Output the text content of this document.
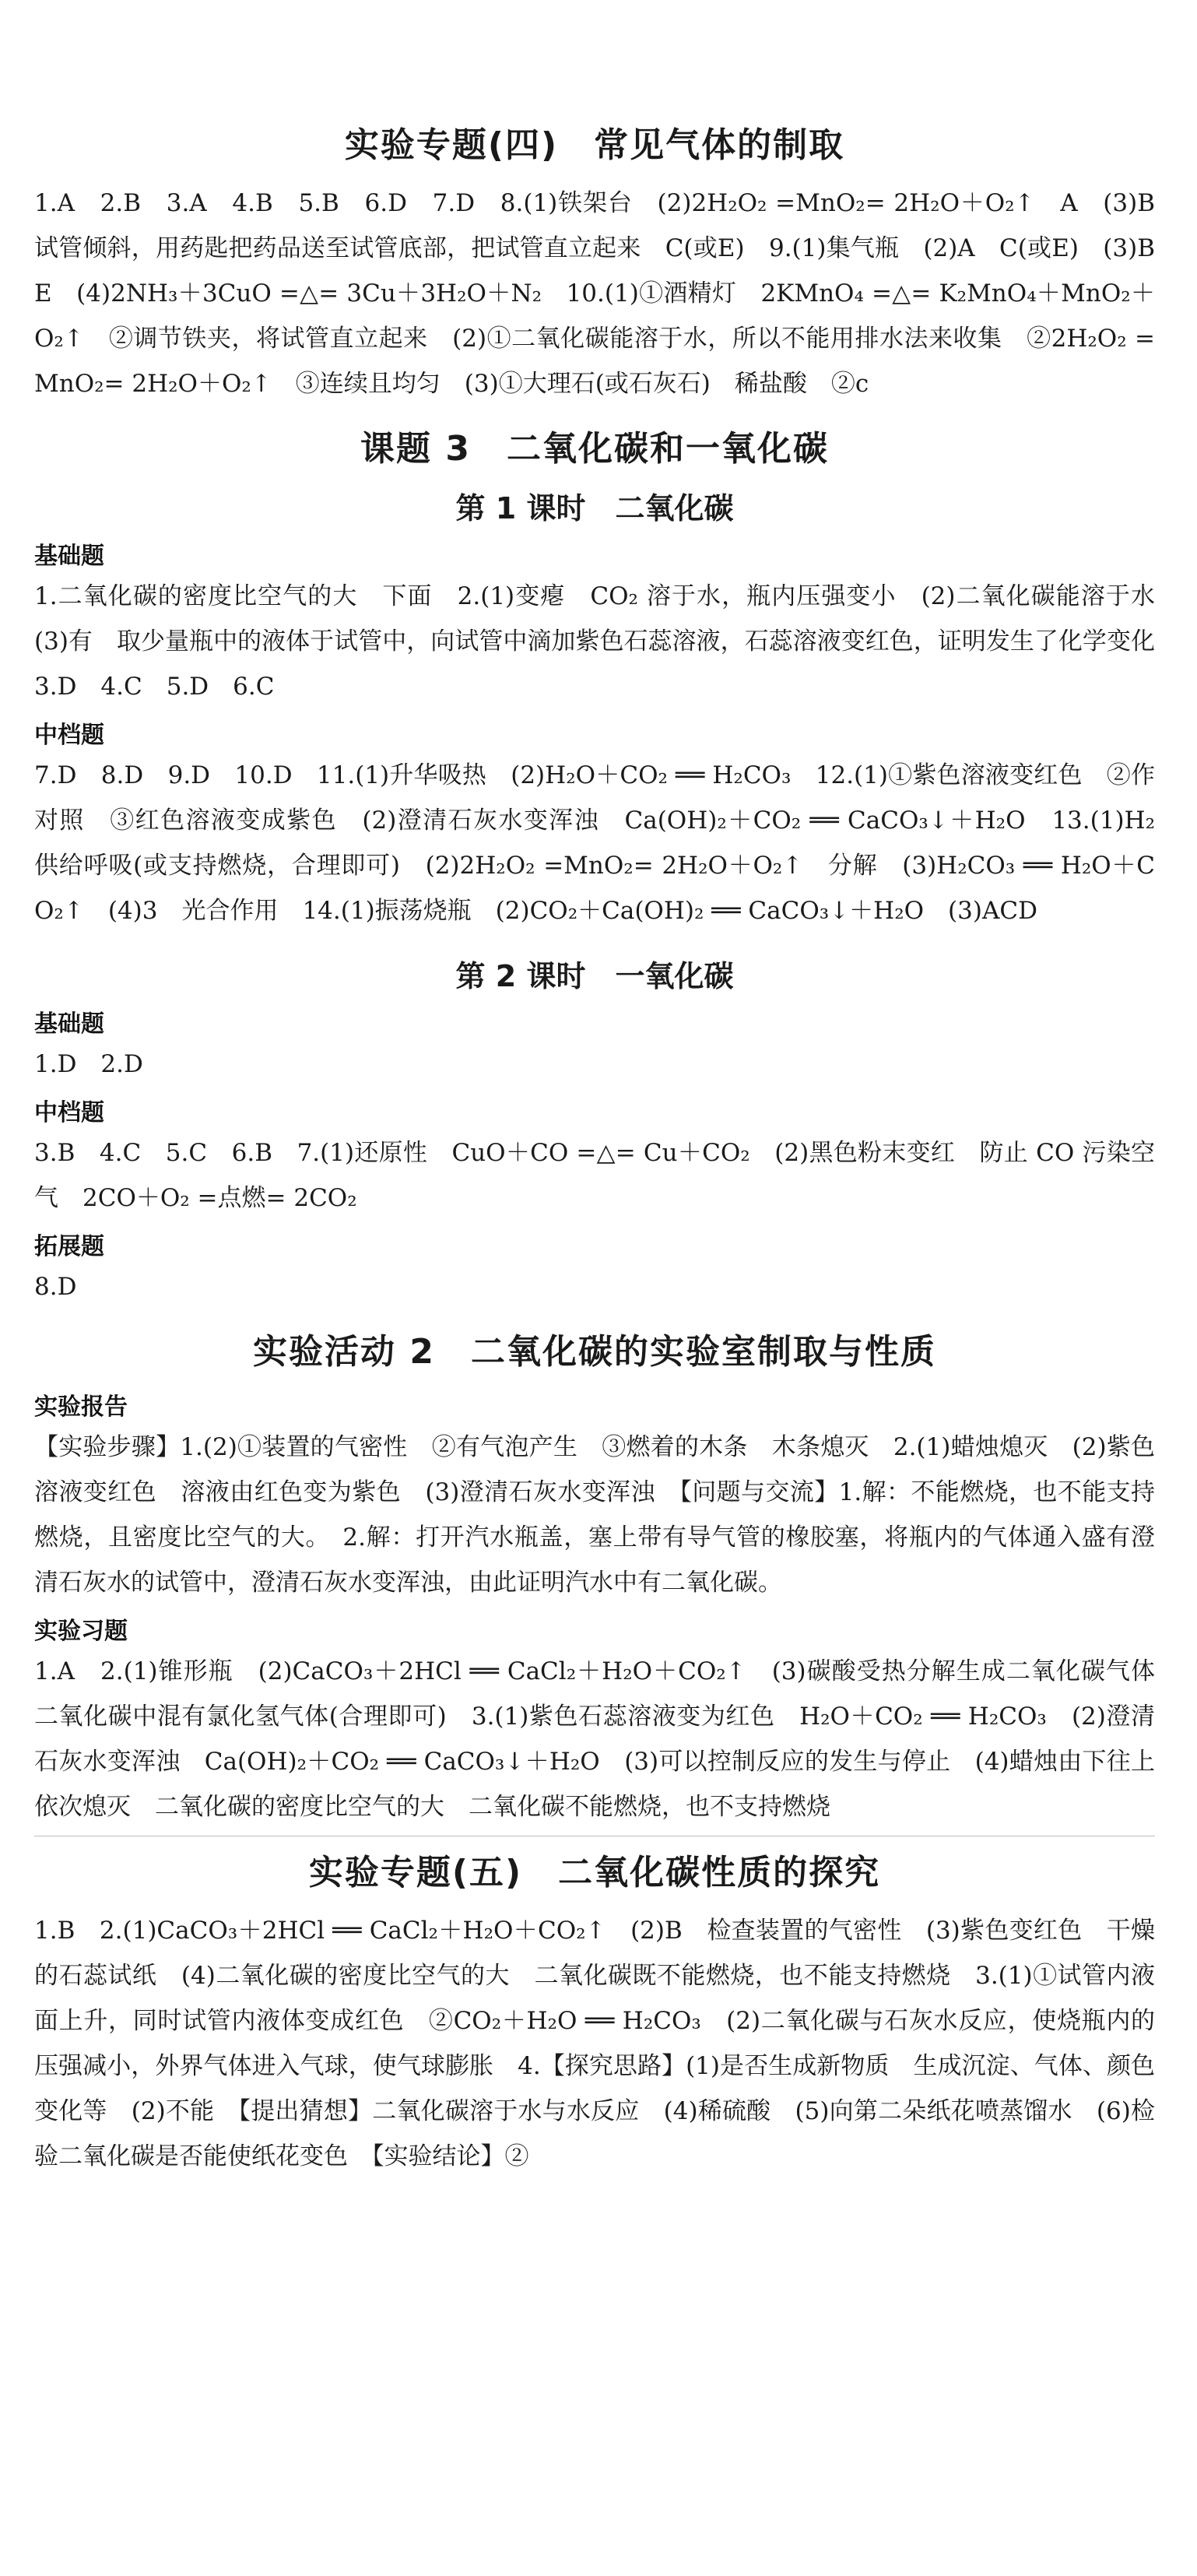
实验专题(四)　常见气体的制取

1.A　2.B　3.A　4.B　5.B　6.D　7.D　8.(1)铁架台　(2)2H₂O₂ =MnO₂= 2H₂O＋O₂↑　A　(3)B　试管倾斜，用药匙把药品送至试管底部，把试管直立起来　C(或E)　9.(1)集气瓶　(2)A　C(或E)　(3)B　E　(4)2NH₃＋3CuO =△= 3Cu＋3H₂O＋N₂　10.(1)①酒精灯　2KMnO₄ =△= K₂MnO₄＋MnO₂＋O₂↑　②调节铁夹，将试管直立起来　(2)①二氧化碳能溶于水，所以不能用排水法来收集　②2H₂O₂ =MnO₂= 2H₂O＋O₂↑　③连续且均匀　(3)①大理石(或石灰石)　稀盐酸　②c

课题 3　二氧化碳和一氧化碳
第 1 课时　二氧化碳
基础题

1.二氧化碳的密度比空气的大　下面　2.(1)变瘪　CO₂ 溶于水，瓶内压强变小　(2)二氧化碳能溶于水　(3)有　取少量瓶中的液体于试管中，向试管中滴加紫色石蕊溶液，石蕊溶液变红色，证明发生了化学变化　3.D　4.C　5.D　6.C

中档题

7.D　8.D　9.D　10.D　11.(1)升华吸热　(2)H₂O＋CO₂ ══ H₂CO₃　12.(1)①紫色溶液变红色　②作对照　③红色溶液变成紫色　(2)澄清石灰水变浑浊　Ca(OH)₂＋CO₂ ══ CaCO₃↓＋H₂O　13.(1)H₂　供给呼吸(或支持燃烧，合理即可)　(2)2H₂O₂ =MnO₂= 2H₂O＋O₂↑　分解　(3)H₂CO₃ ══ H₂O＋CO₂↑　(4)3　光合作用　14.(1)振荡烧瓶　(2)CO₂＋Ca(OH)₂ ══ CaCO₃↓＋H₂O　(3)ACD

第 2 课时　一氧化碳
基础题

1.D　2.D

中档题

3.B　4.C　5.C　6.B　7.(1)还原性　CuO＋CO =△= Cu＋CO₂　(2)黑色粉末变红　防止 CO 污染空气　2CO＋O₂ =点燃= 2CO₂

拓展题

8.D

实验活动 2　二氧化碳的实验室制取与性质
实验报告

【实验步骤】1.(2)①装置的气密性　②有气泡产生　③燃着的木条　木条熄灭　2.(1)蜡烛熄灭　(2)紫色　溶液变红色　溶液由红色变为紫色　(3)澄清石灰水变浑浊　【问题与交流】1.解：不能燃烧，也不能支持燃烧，且密度比空气的大。　2.解：打开汽水瓶盖，塞上带有导气管的橡胶塞，将瓶内的气体通入盛有澄清石灰水的试管中，澄清石灰水变浑浊，由此证明汽水中有二氧化碳。

实验习题

1.A　2.(1)锥形瓶　(2)CaCO₃＋2HCl ══ CaCl₂＋H₂O＋CO₂↑　(3)碳酸受热分解生成二氧化碳气体　二氧化碳中混有氯化氢气体(合理即可)　3.(1)紫色石蕊溶液变为红色　H₂O＋CO₂ ══ H₂CO₃　(2)澄清石灰水变浑浊　Ca(OH)₂＋CO₂ ══ CaCO₃↓＋H₂O　(3)可以控制反应的发生与停止　(4)蜡烛由下往上依次熄灭　二氧化碳的密度比空气的大　二氧化碳不能燃烧，也不支持燃烧

实验专题(五)　二氧化碳性质的探究

1.B　2.(1)CaCO₃＋2HCl ══ CaCl₂＋H₂O＋CO₂↑　(2)B　检查装置的气密性　(3)紫色变红色　干燥的石蕊试纸　(4)二氧化碳的密度比空气的大　二氧化碳既不能燃烧，也不能支持燃烧　3.(1)①试管内液面上升，同时试管内液体变成红色　②CO₂＋H₂O ══ H₂CO₃　(2)二氧化碳与石灰水反应，使烧瓶内的压强减小，外界气体进入气球，使气球膨胀　4.【探究思路】(1)是否生成新物质　生成沉淀、气体、颜色变化等　(2)不能　【提出猜想】二氧化碳溶于水与水反应　(4)稀硫酸　(5)向第二朵纸花喷蒸馏水　(6)检验二氧化碳是否能使纸花变色　【实验结论】②
